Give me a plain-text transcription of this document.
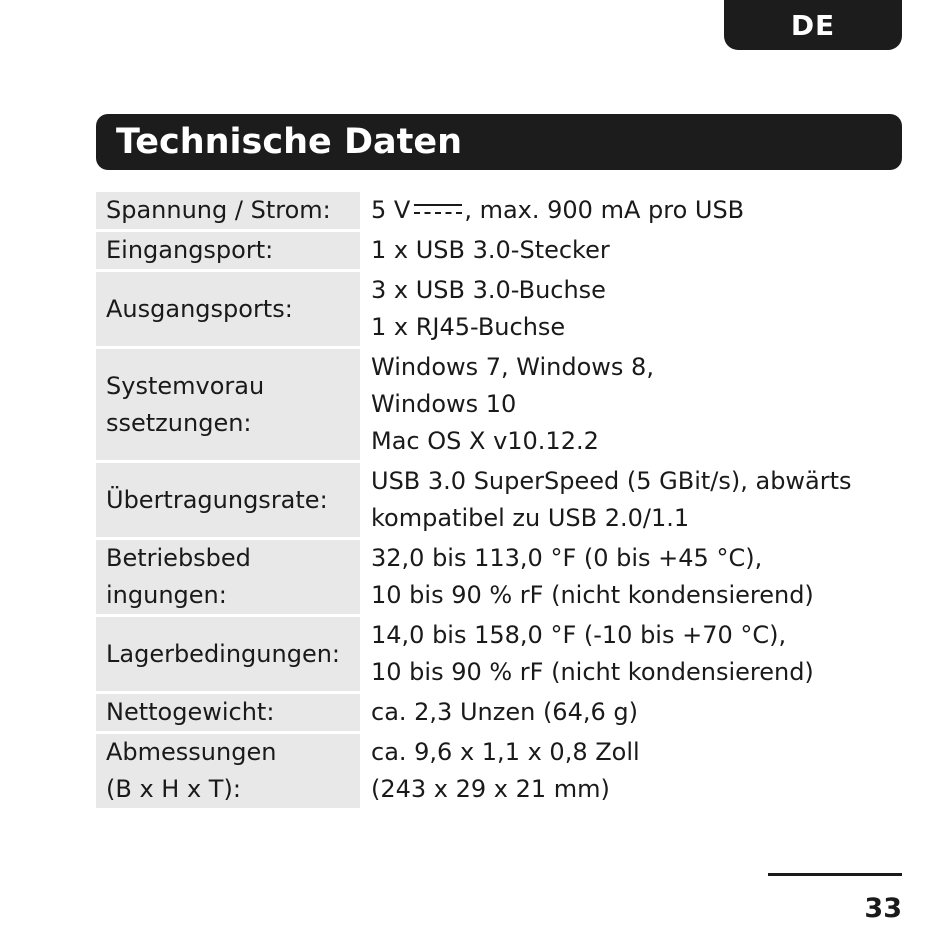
DE
Technische Daten
Spannung / Strom:	5 V , max. 900 mA pro USB
Eingangsport:	1 x USB 3.0-Stecker
Ausgangsports:
3 x USB 3.0-Buchse
1 x RJ45-Buchse
Systemvorau
ssetzungen:
Windows 7, Windows 8,
Windows 10
Mac OS X v10.12.2
Übertragungsrate:
USB 3.0 SuperSpeed (5 GBit/s), abwärts
kompatibel zu USB 2.0/1.1
Betriebsbed
ingungen:
32,0 bis 113,0 °F (0 bis +45 °C),
10 bis 90 % rF (nicht kondensierend)
Lagerbedingungen:
14,0 bis 158,0 °F (-10 bis +70 °C),
10 bis 90 % rF (nicht kondensierend)
Nettogewicht:	ca. 2,3 Unzen (64,6 g)
Abmessungen
(B x H x T):
ca. 9,6 x 1,1 x 0,8 Zoll
(243 x 29 x 21 mm)
33
